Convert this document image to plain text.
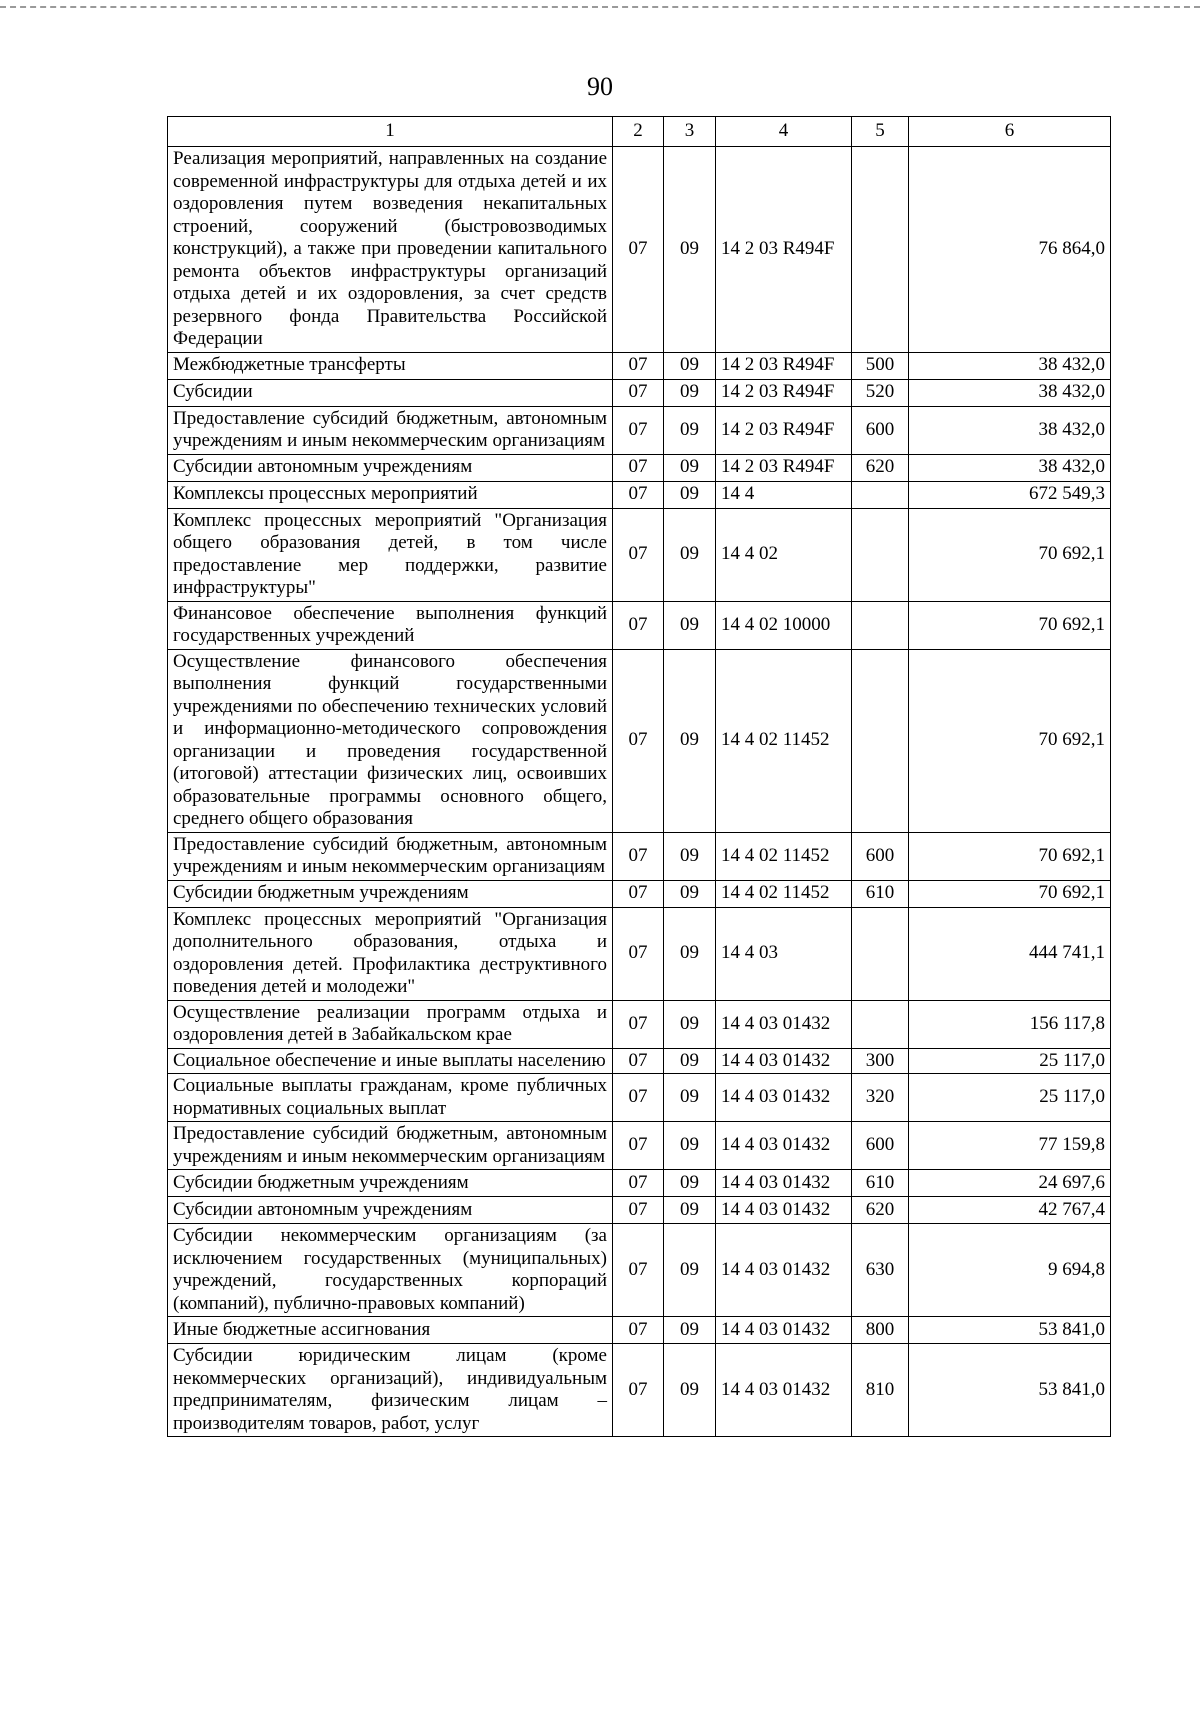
90
1	2	3	4	5	6
Реализация мероприятий, направленных на создание современной инфраструктуры для отдыха детей и их оздоровления путем возведения некапитальных строений, сооружений (быстровозводимых конструкций), а также при проведении капитального ремонта объектов инфраструктуры организаций отдыха детей и их оздоровления, за счет средств резервного фонда Правительства Российской Федерации	07	09	14 2 03 R494F		76 864,0
Межбюджетные трансферты	07	09	14 2 03 R494F	500	38 432,0
Субсидии	07	09	14 2 03 R494F	520	38 432,0
Предоставление субсидий бюджетным, автономным учреждениям и иным некоммерческим организациям	07	09	14 2 03 R494F	600	38 432,0
Субсидии автономным учреждениям	07	09	14 2 03 R494F	620	38 432,0
Комплексы процессных мероприятий	07	09	14 4		672 549,3
Комплекс процессных мероприятий "Организация общего образования детей, в том числе предоставление мер поддержки, развитие инфраструктуры"	07	09	14 4 02		70 692,1
Финансовое обеспечение выполнения функций государственных учреждений	07	09	14 4 02 10000		70 692,1
Осуществление финансового обеспечения выполнения функций государственными учреждениями по обеспечению технических условий и информационно-методического сопровождения организации и проведения государственной (итоговой) аттестации физических лиц, освоивших образовательные программы основного общего, среднего общего образования	07	09	14 4 02 11452		70 692,1
Предоставление субсидий бюджетным, автономным учреждениям и иным некоммерческим организациям	07	09	14 4 02 11452	600	70 692,1
Субсидии бюджетным учреждениям	07	09	14 4 02 11452	610	70 692,1
Комплекс процессных мероприятий "Организация дополнительного образования, отдыха и оздоровления детей. Профилактика деструктивного поведения детей и молодежи"	07	09	14 4 03		444 741,1
Осуществление реализации программ отдыха и оздоровления детей в Забайкальском крае	07	09	14 4 03 01432		156 117,8
Социальное обеспечение и иные выплаты населению	07	09	14 4 03 01432	300	25 117,0
Социальные выплаты гражданам, кроме публичных нормативных социальных выплат	07	09	14 4 03 01432	320	25 117,0
Предоставление субсидий бюджетным, автономным учреждениям и иным некоммерческим организациям	07	09	14 4 03 01432	600	77 159,8
Субсидии бюджетным учреждениям	07	09	14 4 03 01432	610	24 697,6
Субсидии автономным учреждениям	07	09	14 4 03 01432	620	42 767,4
Субсидии некоммерческим организациям (за исключением государственных (муниципальных) учреждений, государственных корпораций (компаний), публично-правовых компаний)	07	09	14 4 03 01432	630	9 694,8
Иные бюджетные ассигнования	07	09	14 4 03 01432	800	53 841,0
Субсидии юридическим лицам (кроме некоммерческих организаций), индивидуальным предпринимателям, физическим лицам – производителям товаров, работ, услуг	07	09	14 4 03 01432	810	53 841,0
